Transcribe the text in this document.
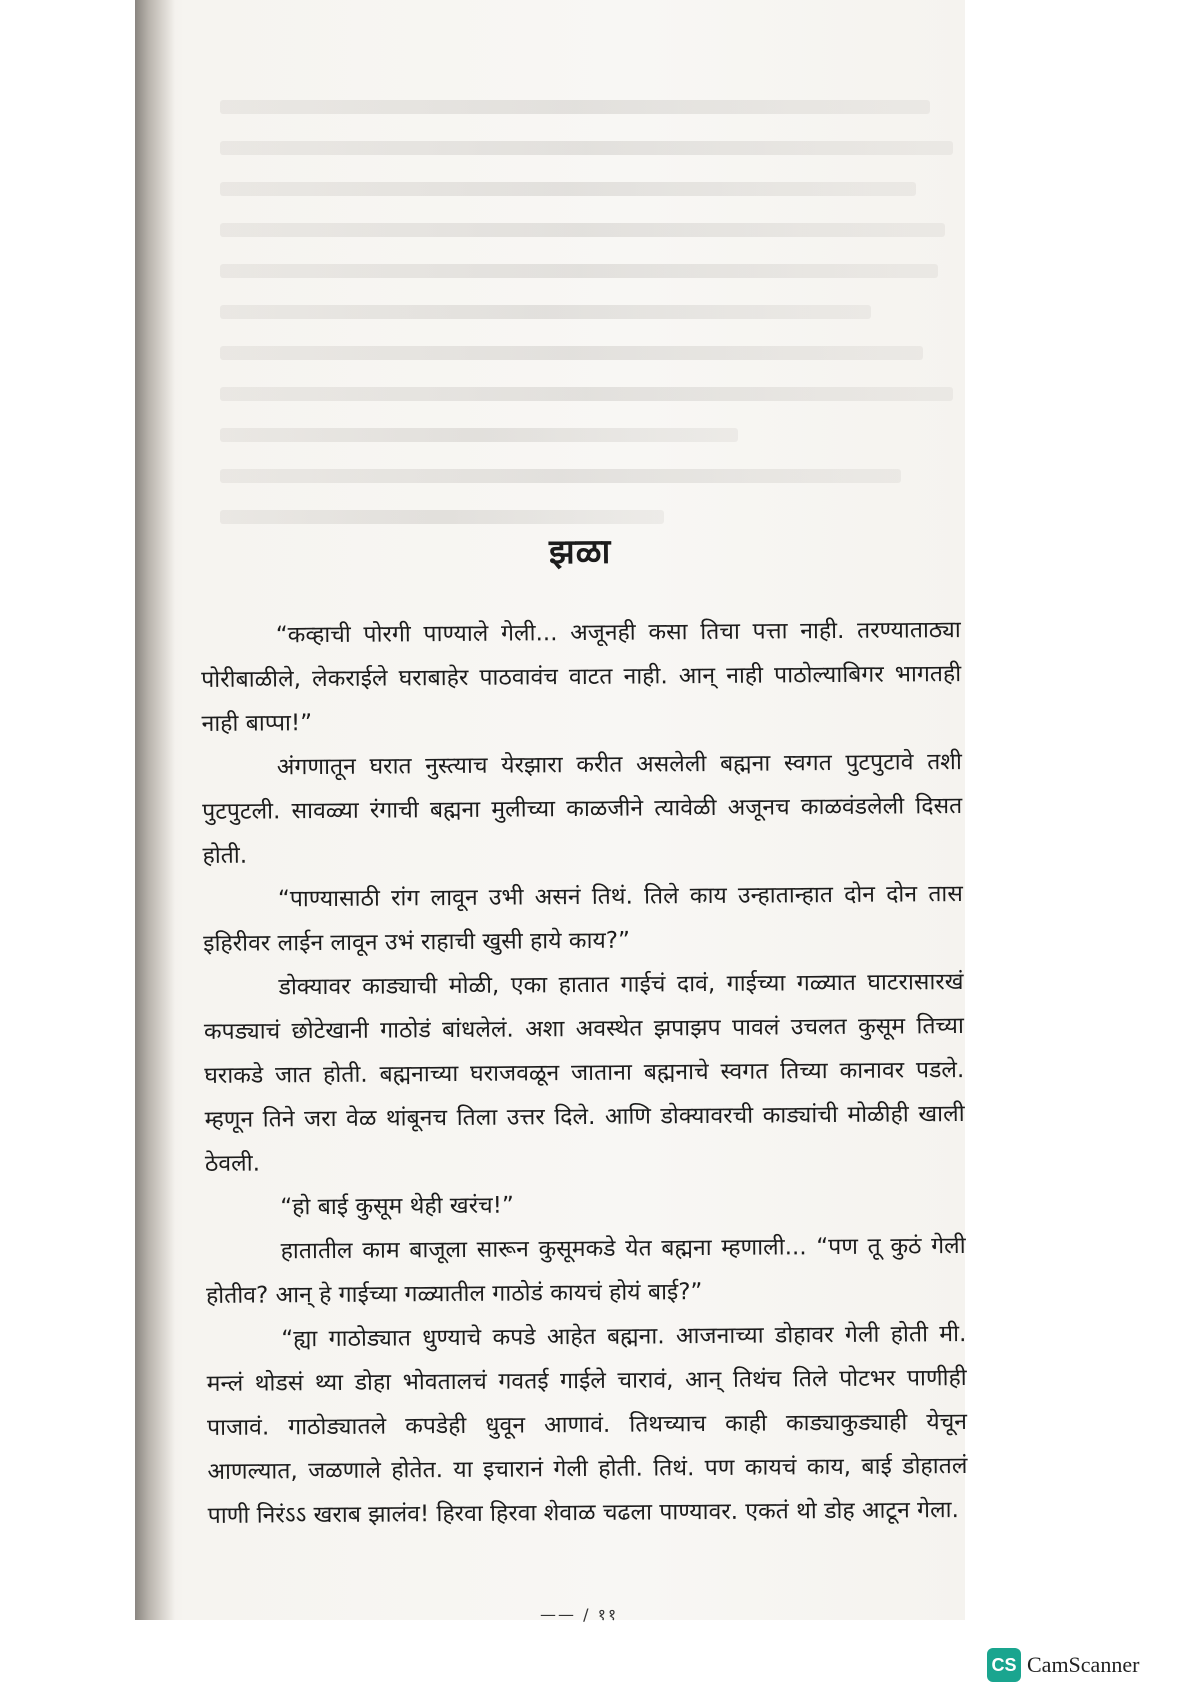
झळा

“कव्हाची पोरगी पाण्याले गेली... अजूनही कसा तिचा पत्ता नाही. तरण्याताठ्या पोरीबाळीले, लेकराईले घराबाहेर पाठवावंच वाटत नाही. आन् नाही पाठोल्याबिगर भागतही नाही बाप्पा!”

अंगणातून घरात नुस्त्याच येरझारा करीत असलेली बह्मना स्वगत पुटपुटावे तशी पुटपुटली. सावळ्या रंगाची बह्मना मुलीच्या काळजीने त्यावेळी अजूनच काळवंडलेली दिसत होती.

“पाण्यासाठी रांग लावून उभी असनं तिथं. तिले काय उन्हातान्हात दोन दोन तास इहिरीवर लाईन लावून उभं राहाची खुसी हाये काय?”

डोक्यावर काड्याची मोळी, एका हातात गाईचं दावं, गाईच्या गळ्यात घाटरासारखं कपड्याचं छोटेखानी गाठोडं बांधलेलं. अशा अवस्थेत झपाझप पावलं उचलत कुसूम तिच्या घराकडे जात होती. बह्मनाच्या घराजवळून जाताना बह्मनाचे स्वगत तिच्या कानावर पडले. म्हणून तिने जरा वेळ थांबूनच तिला उत्तर दिले. आणि डोक्यावरची काड्यांची मोळीही खाली ठेवली.

“हो बाई कुसूम थेही खरंच!”

हातातील काम बाजूला सारून कुसूमकडे येत बह्मना म्हणाली... “पण तू कुठं गेली होतीव? आन् हे गाईच्या गळ्यातील गाठोडं कायचं होयं बाई?”

“ह्या गाठोड्यात धुण्याचे कपडे आहेत बह्मना. आजनाच्या डोहावर गेली होती मी. मन्लं थोडसं थ्या डोहा भोवतालचं गवतई गाईले चारावं, आन् तिथंच तिले पोटभर पाणीही पाजावं. गाठोड्यातले कपडेही धुवून आणावं. तिथच्याच काही काड्याकुड्याही येचून आणल्यात, जळणाले होतेत. या इचारानं गेली होती. तिथं. पण कायचं काय, बाई डोहातलं पाणी निरंऽऽ खराब झालंव! हिरवा हिरवा शेवाळ चढला पाण्यावर. एकतं थो डोह आटून गेला.

—— / ११
CS CamScanner
